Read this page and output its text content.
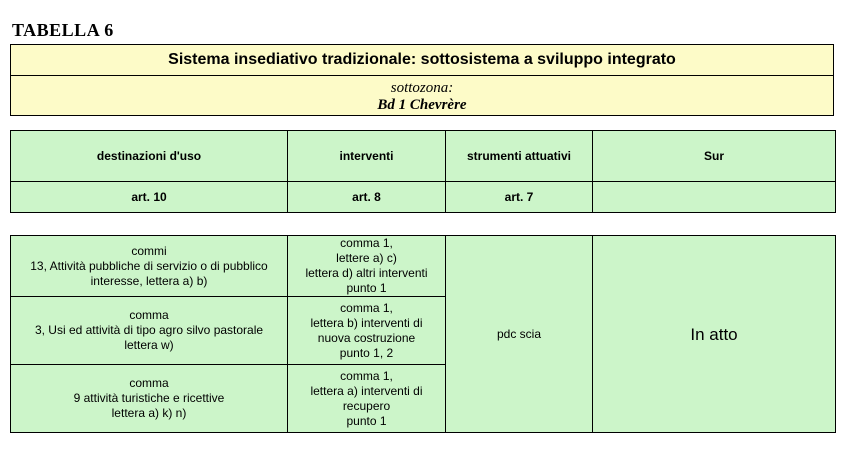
TABELLA 6
Sistema insediativo tradizionale: sottosistema a sviluppo integrato
sottozona:
Bd 1 Chevrère
destinazioni d'uso	interventi	strumenti attuativi	Sur
art. 10	art. 8	art. 7	
commi
13, Attività pubbliche di servizio o di pubblico
interesse, lettera a) b)	comma 1,
lettere a) c)
lettera d) altri interventi
punto 1	pdc scia	In atto

comma
3, Usi ed attività di tipo agro silvo pastorale
lettera w)	comma 1,
lettera b) interventi di
nuova costruzione
punto 1, 2		

comma
9 attività turistiche e ricettive
lettera a) k) n)	comma 1,
lettera a) interventi di
recupero
punto 1		
